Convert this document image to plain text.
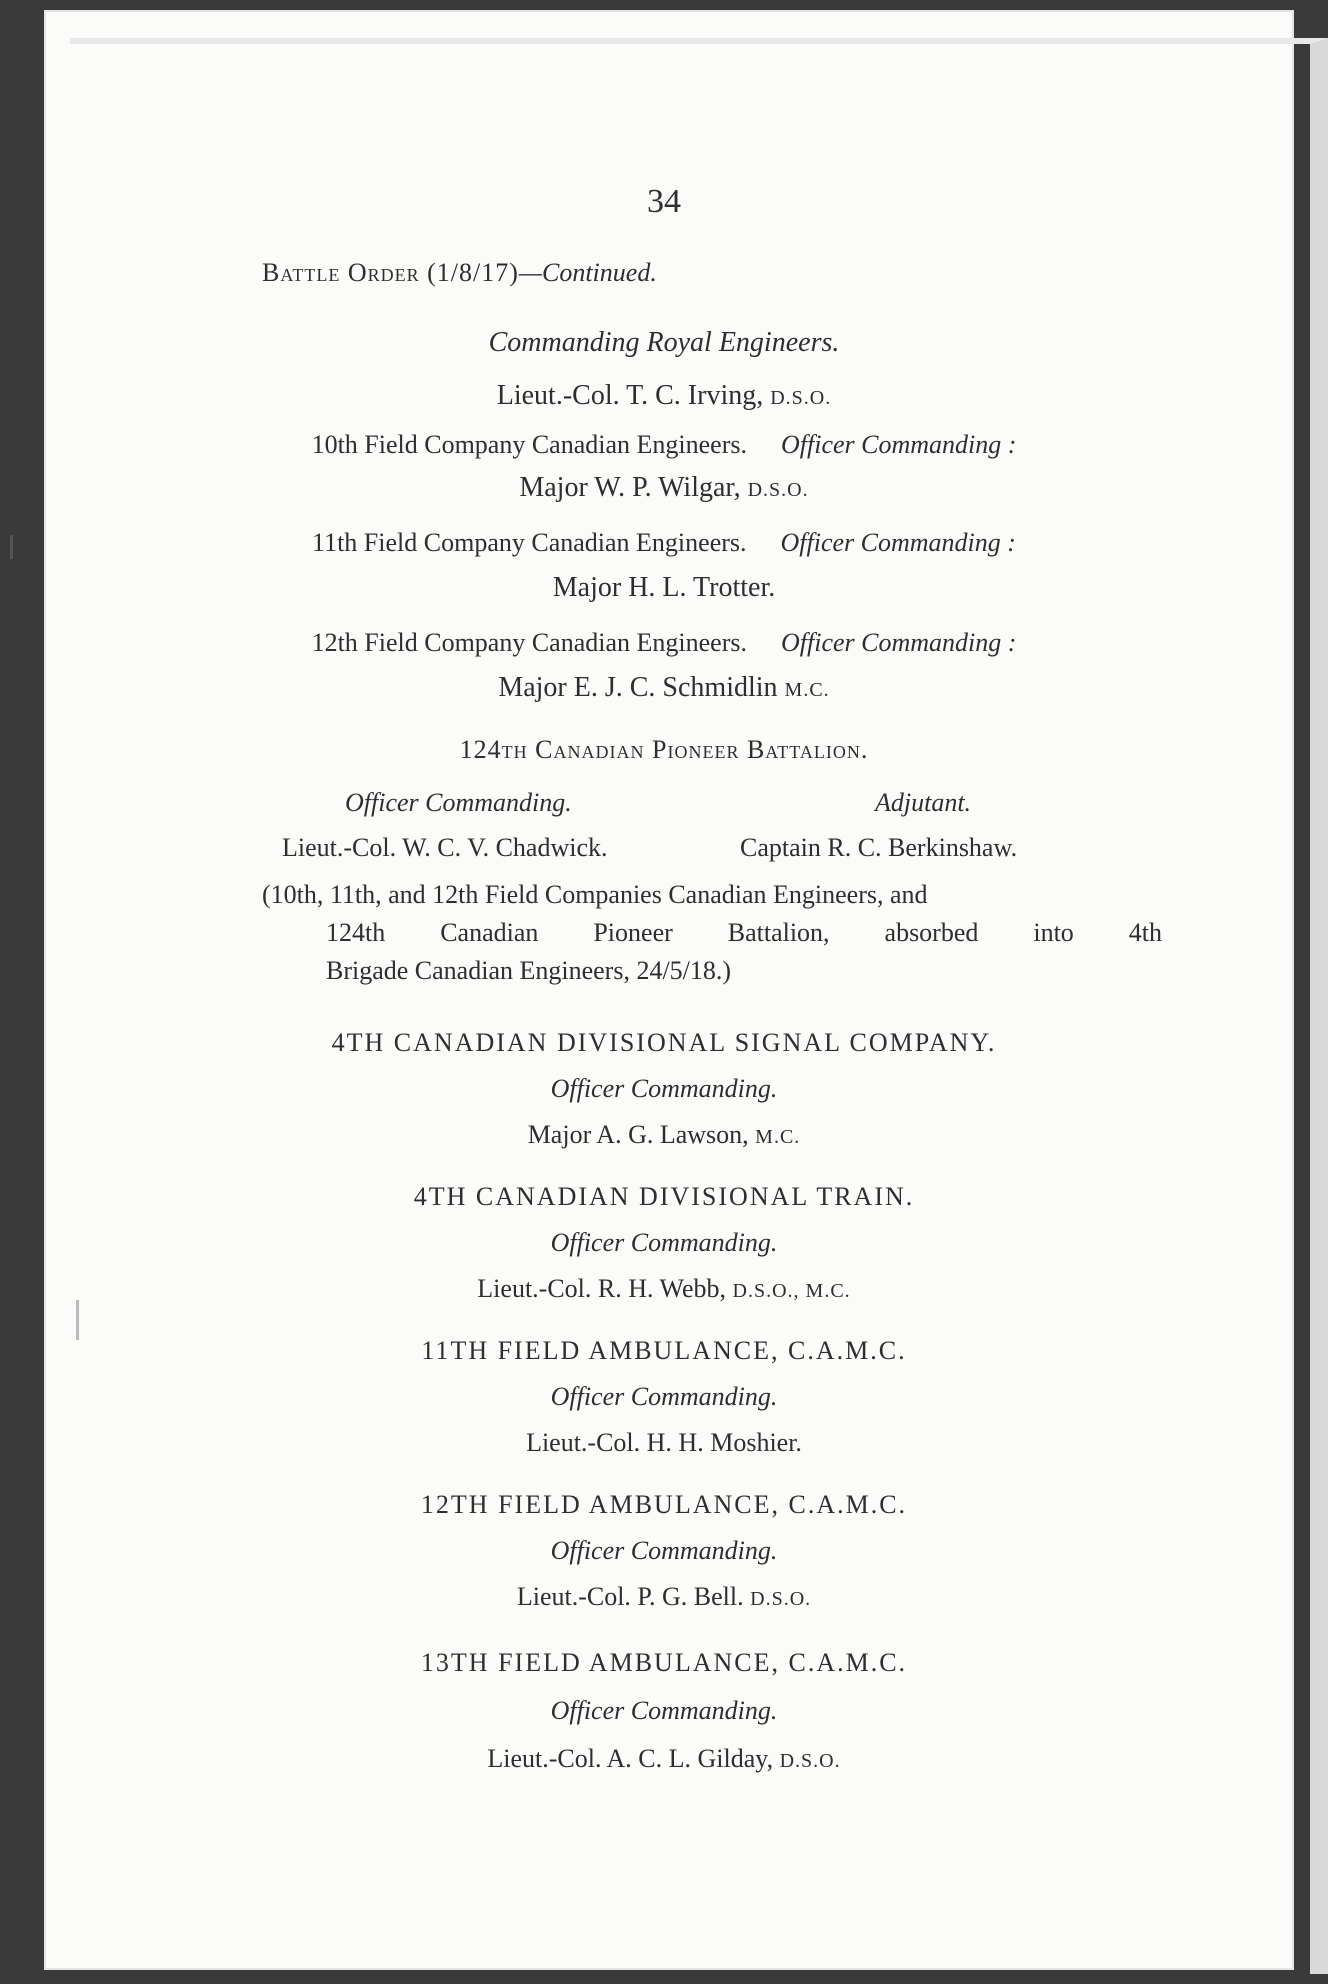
34
Battle Order (1/8/17)—Continued.
Commanding Royal Engineers.
Lieut.-Col. T. C. Irving, D.S.O.
10th Field Company Canadian Engineers. Officer Commanding :
Major W. P. Wilgar, D.S.O.
11th Field Company Canadian Engineers. Officer Commanding :
Major H. L. Trotter.
12th Field Company Canadian Engineers. Officer Commanding :
Major E. J. C. Schmidlin M.C.
124th Canadian Pioneer Battalion.
Officer Commanding.	Adjutant.
Lieut.-Col. W. C. V. Chadwick.	Captain R. C. Berkinshaw.
(10th, 11th, and 12th Field Companies Canadian Engineers, and
124th Canadian Pioneer Battalion, absorbed into 4th
Brigade Canadian Engineers, 24/5/18.)
4TH CANADIAN DIVISIONAL SIGNAL COMPANY.
Officer Commanding.
Major A. G. Lawson, M.C.
4TH CANADIAN DIVISIONAL TRAIN.
Officer Commanding.
Lieut.-Col. R. H. Webb, D.S.O., M.C.
11TH FIELD AMBULANCE, C.A.M.C.
Officer Commanding.
Lieut.-Col. H. H. Moshier.
12TH FIELD AMBULANCE, C.A.M.C.
Officer Commanding.
Lieut.-Col. P. G. Bell. D.S.O.
13TH FIELD AMBULANCE, C.A.M.C.
Officer Commanding.
Lieut.-Col. A. C. L. Gilday, D.S.O.
